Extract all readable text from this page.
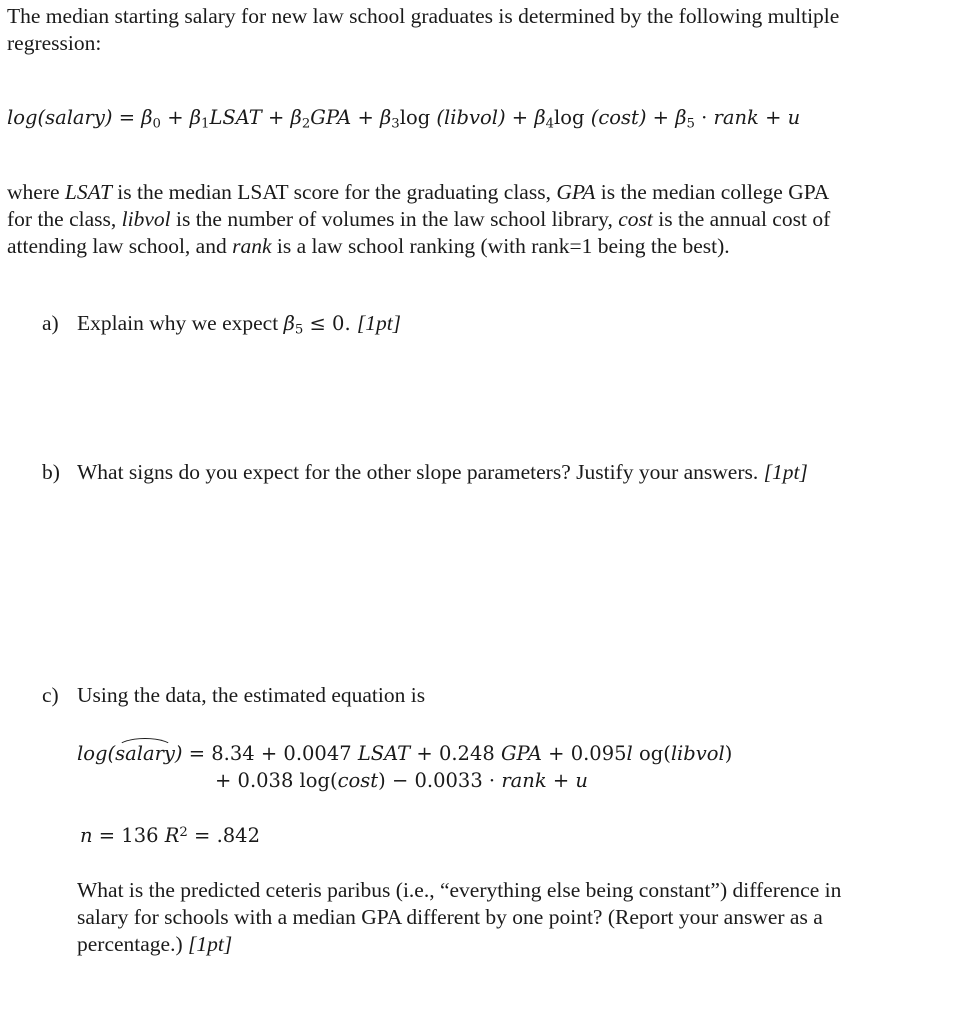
The median starting salary for new law school graduates is determined by the following multiple

regression:

log(salary) = $\beta_0$ + $\beta_1LSAT + \beta_2GPA + \beta_3\log$ (libvol) + $\beta_4\log$ $(\cos t) + \beta_5$ · rank + u

where LSAT is the median LSAT score for the graduating class, GPA is the median college GPA

for the class, libvol is the number of volumes in the law school library, cost is the annual cost of

attending law school, and rank is a law school ranking (with rank=1 being the best).

a) Explain why we expect $\beta_5 \le 0$. [1pt]

b) What signs do you expect for the other slope parameters? Justify your answers. [1pt]

c) Using the data, the estimated equation is

log(salary) = 8.34 + 0.0047 LSAT + 0.248 GPA + 0.095l og(libvol)
+ 0.038 log(cost) − 0.0033 · rank + u
n = 136 $R^2 = .842$

What is the predicted ceteris paribus (i.e., “everything else being constant”) difference in

salary for schools with a median GPA different by one point? (Report your answer as a

percentage.) [1pt]
